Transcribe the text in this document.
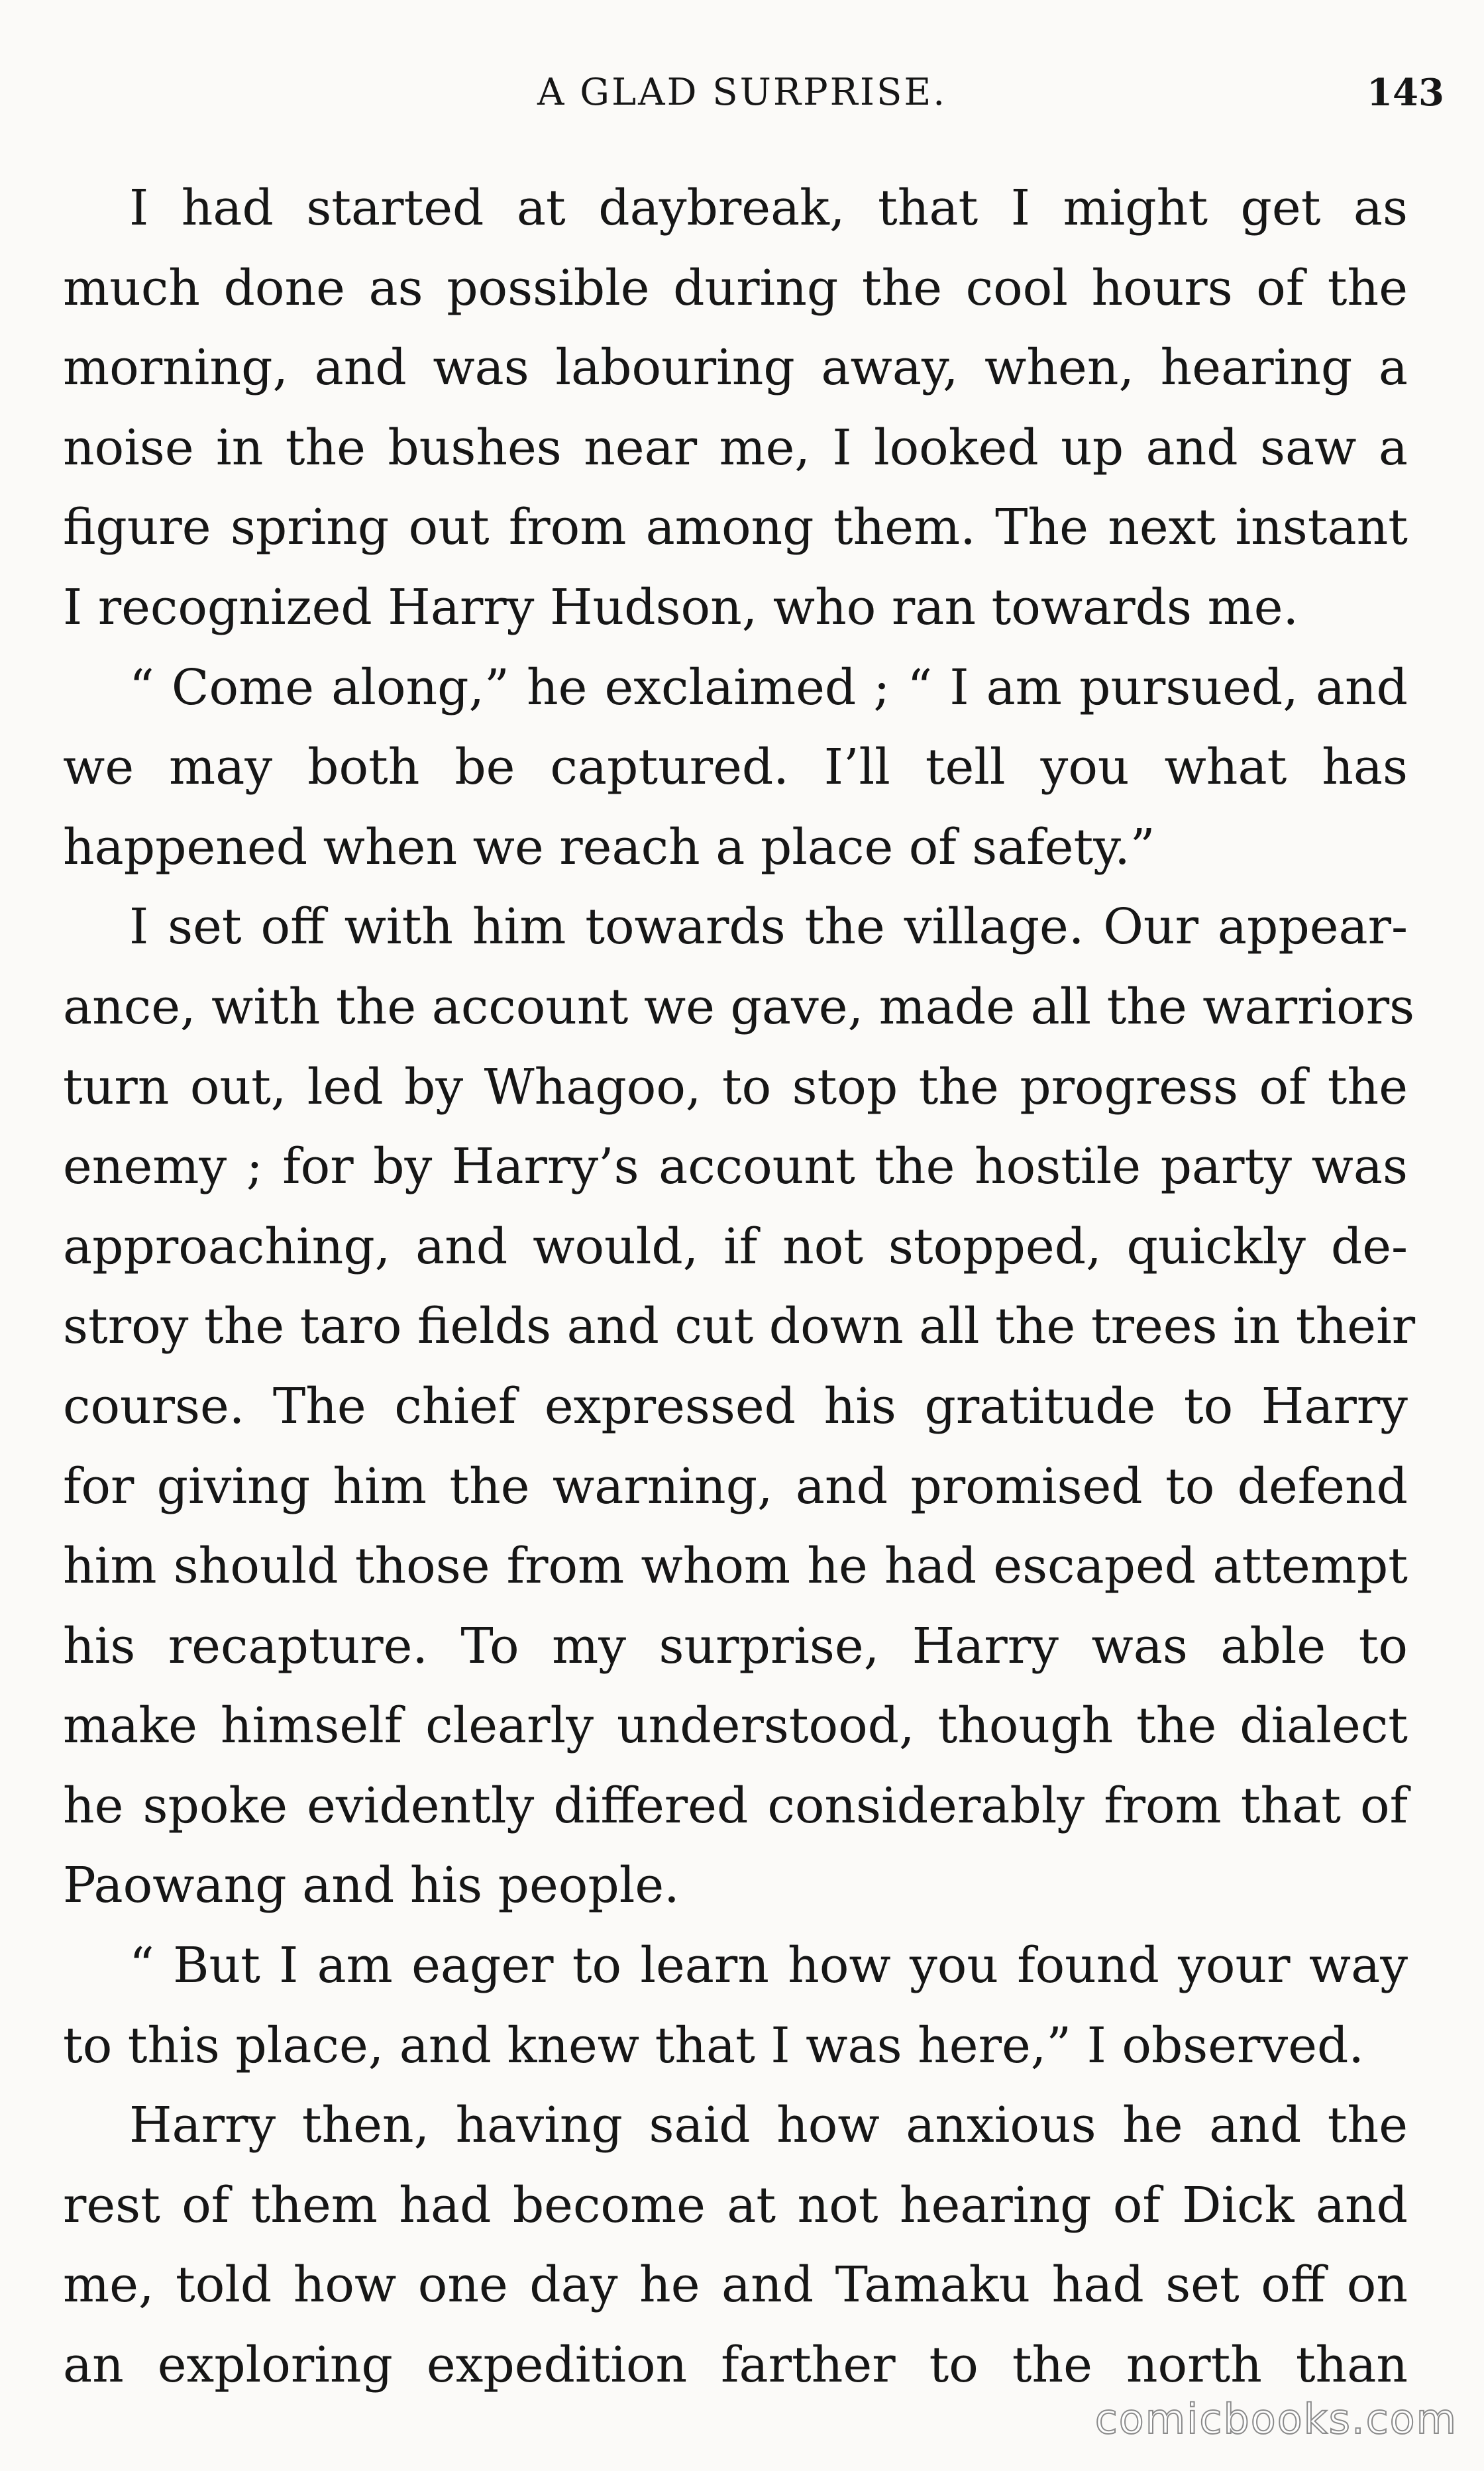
A GLAD SURPRISE.	143
I had started at daybreak, that I might get as
much done as possible during the cool hours of the
morning, and was labouring away, when, hearing a
noise in the bushes near me, I looked up and saw a
figure spring out from among them. The next instant
I recognized Harry Hudson, who ran towards me.
“ Come along,” he exclaimed ; “ I am pursued, and
we may both be captured. I’ll tell you what has
happened when we reach a place of safety.”
I set off with him towards the village. Our appear-
ance, with the account we gave, made all the warriors
turn out, led by Whagoo, to stop the progress of the
enemy ; for by Harry’s account the hostile party was
approaching, and would, if not stopped, quickly de-
stroy the taro fields and cut down all the trees in their
course. The chief expressed his gratitude to Harry
for giving him the warning, and promised to defend
him should those from whom he had escaped attempt
his recapture. To my surprise, Harry was able to
make himself clearly understood, though the dialect
he spoke evidently differed considerably from that of
Paowang and his people.
“ But I am eager to learn how you found your way
to this place, and knew that I was here,” I observed.
Harry then, having said how anxious he and the
rest of them had become at not hearing of Dick and
me, told how one day he and Tamaku had set off on
an exploring expedition farther to the north than
comicbooks.com
